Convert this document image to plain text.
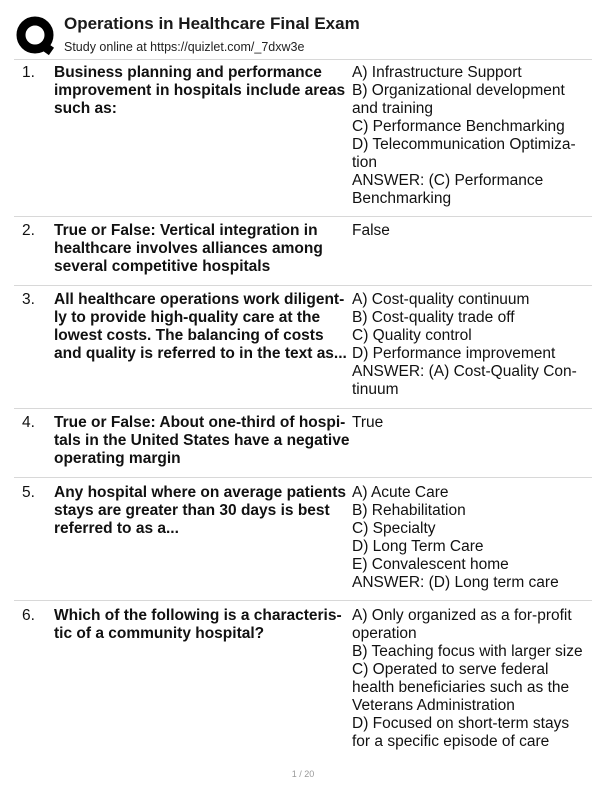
Operations in Healthcare Final Exam
Study online at https://quizlet.com/_7dxw3e
1. Business planning and performance
improvement in hospitals include areas
such as:
A) Infrastructure Support
B) Organizational development
and training
C) Performance Benchmarking
D) Telecommunication Optimiza-
tion
ANSWER: (C) Performance
Benchmarking
2. True or False: Vertical integration in
healthcare involves alliances among
several competitive hospitals
False
3. All healthcare operations work diligent-
ly to provide high-quality care at the
lowest costs. The balancing of costs
and quality is referred to in the text as...
A) Cost-quality continuum
B) Cost-quality trade off
C) Quality control
D) Performance improvement
ANSWER: (A) Cost-Quality Con-
tinuum
4. True or False: About one-third of hospi-
tals in the United States have a negative
operating margin
True
5. Any hospital where on average patients
stays are greater than 30 days is best
referred to as a...
A) Acute Care
B) Rehabilitation
C) Specialty
D) Long Term Care
E) Convalescent home
ANSWER: (D) Long term care
6. Which of the following is a characteris-
tic of a community hospital?
A) Only organized as a for-profit
operation
B) Teaching focus with larger size
C) Operated to serve federal
health beneficiaries such as the
Veterans Administration
D) Focused on short-term stays
for a specific episode of care
1 / 20
